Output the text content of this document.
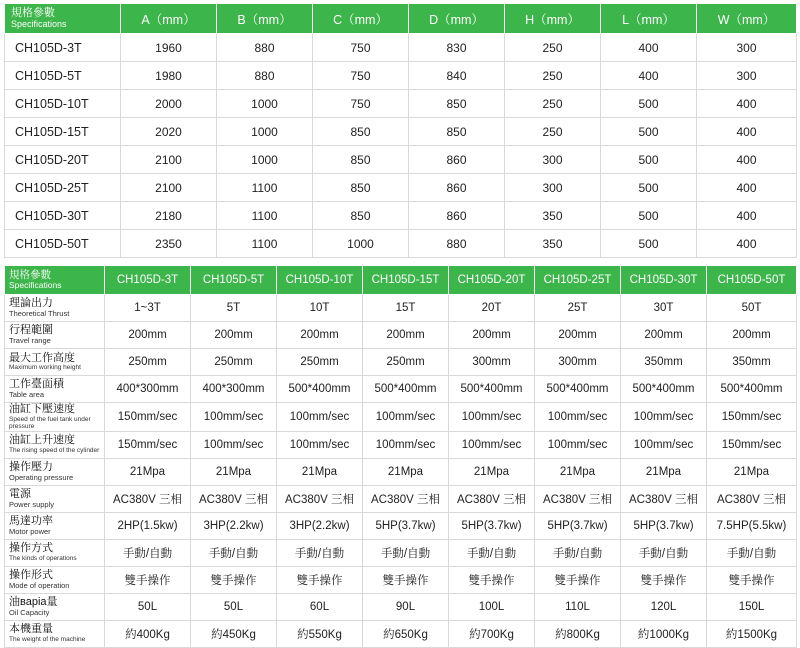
規格參數
Specifications	A（mm）	B（mm）	C（mm）	D（mm）	H（mm）	L（mm）	W（mm）
CH105D-3T	1960	880	750	830	250	400	300
CH105D-5T	1980	880	750	840	250	400	300
CH105D-10T	2000	1000	750	850	250	500	400
CH105D-15T	2020	1000	850	850	250	500	400
CH105D-20T	2100	1000	850	860	300	500	400
CH105D-25T	2100	1100	850	860	300	500	400
CH105D-30T	2180	1100	850	860	350	500	400
CH105D-50T	2350	1100	1000	880	350	500	400
規格參數
Specifications	CH105D-3T	CH105D-5T	CH105D-10T	CH105D-15T	CH105D-20T	CH105D-25T	CH105D-30T	CH105D-50T

理論出力
Theoretical Thrust	1~3T	5T	10T	15T	20T	25T	30T	50T

行程範圍
Travel range	200mm	200mm	200mm	200mm	200mm	200mm	200mm	200mm

最大工作高度
Maximum working height	250mm	250mm	250mm	250mm	300mm	300mm	350mm	350mm

工作臺面積
Table area	400*300mm	400*300mm	500*400mm	500*400mm	500*400mm	500*400mm	500*400mm	500*400mm

油缸下壓速度
Speed of the fuel tank under pressure	150mm/sec	100mm/sec	100mm/sec	100mm/sec	100mm/sec	100mm/sec	100mm/sec	150mm/sec

油缸上升速度
The rising speed of the cylinder	150mm/sec	100mm/sec	100mm/sec	100mm/sec	100mm/sec	100mm/sec	100mm/sec	150mm/sec

操作壓力
Operating pressure	21Mpa	21Mpa	21Mpa	21Mpa	21Mpa	21Mpa	21Mpa	21Mpa

電源
Power supply	AC380V 三相	AC380V 三相	AC380V 三相	AC380V 三相	AC380V 三相	AC380V 三相	AC380V 三相	AC380V 三相

馬達功率
Motor power	2HP(1.5kw)	3HP(2.2kw)	3HP(2.2kw)	5HP(3.7kw)	5HP(3.7kw)	5HP(3.7kw)	5HP(3.7kw)	7.5HP(5.5kw)

操作方式
The kinds of operations	手動/自動	手動/自動	手動/自動	手動/自動	手動/自動	手動/自動	手動/自動	手動/自動

操作形式
Mode of operation	雙手操作	雙手操作	雙手操作	雙手操作	雙手操作	雙手操作	雙手操作	雙手操作

油варia量
Oil Capacity	50L	50L	60L	90L	100L	110L	120L	150L

本機重量
The weight of the machine	約400Kg	約450Kg	約550Kg	約650Kg	約700Kg	約800Kg	約1000Kg	約1500Kg
